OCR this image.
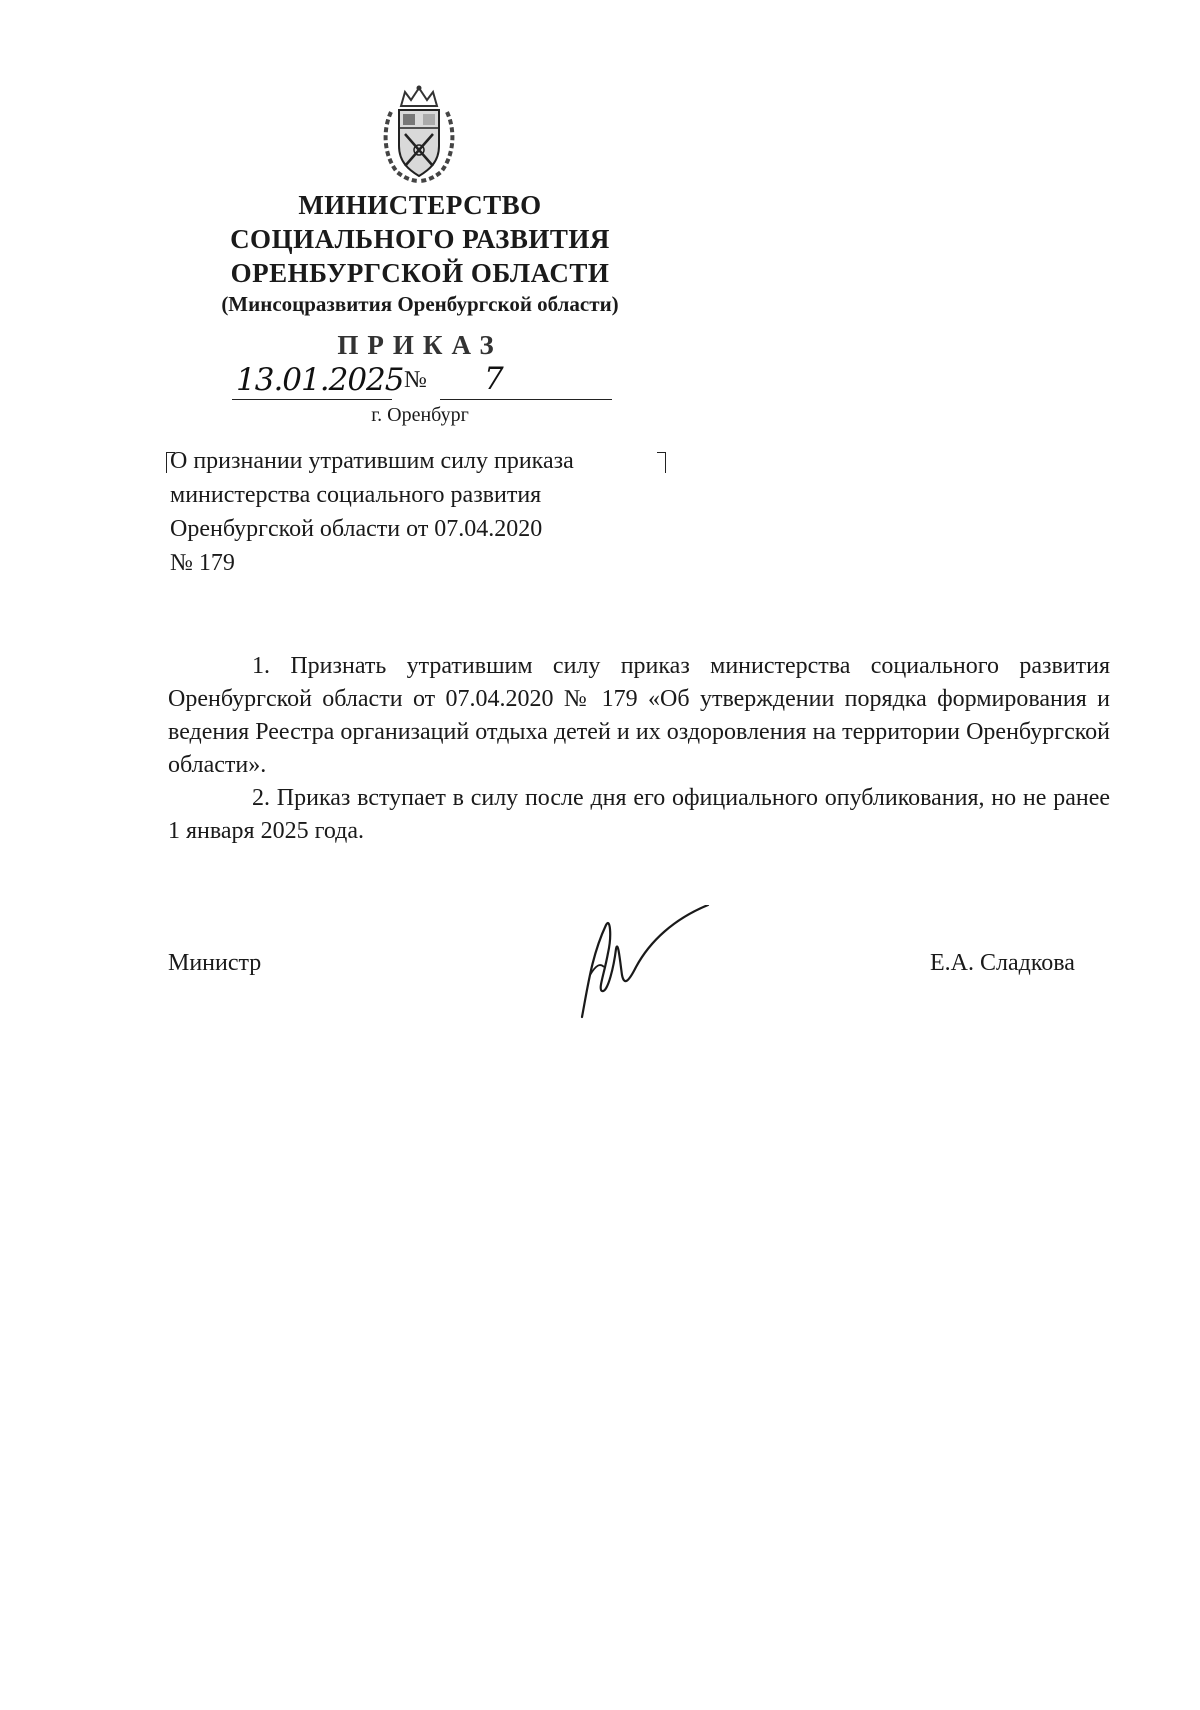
МИНИСТЕРСТВО
СОЦИАЛЬНОГО РАЗВИТИЯ
ОРЕНБУРГСКОЙ ОБЛАСТИ
(Минсоцразвития Оренбургской области)
ПРИКАЗ
13.01.2025 № 7
г. Оренбург
О признании утратившим силу приказа
министерства социального развития
Оренбургской области от 07.04.2020
№ 179

1. Признать утратившим силу приказ министерства социального развития Оренбургской области от 07.04.2020 № 179 «Об утверждении порядка формирования и ведения Реестра организаций отдыха детей и их оздоровления на территории Оренбургской области».

2. Приказ вступает в силу после дня его официального опубликования, но не ранее 1 января 2025 года.

Министр	Е.А. Сладкова
